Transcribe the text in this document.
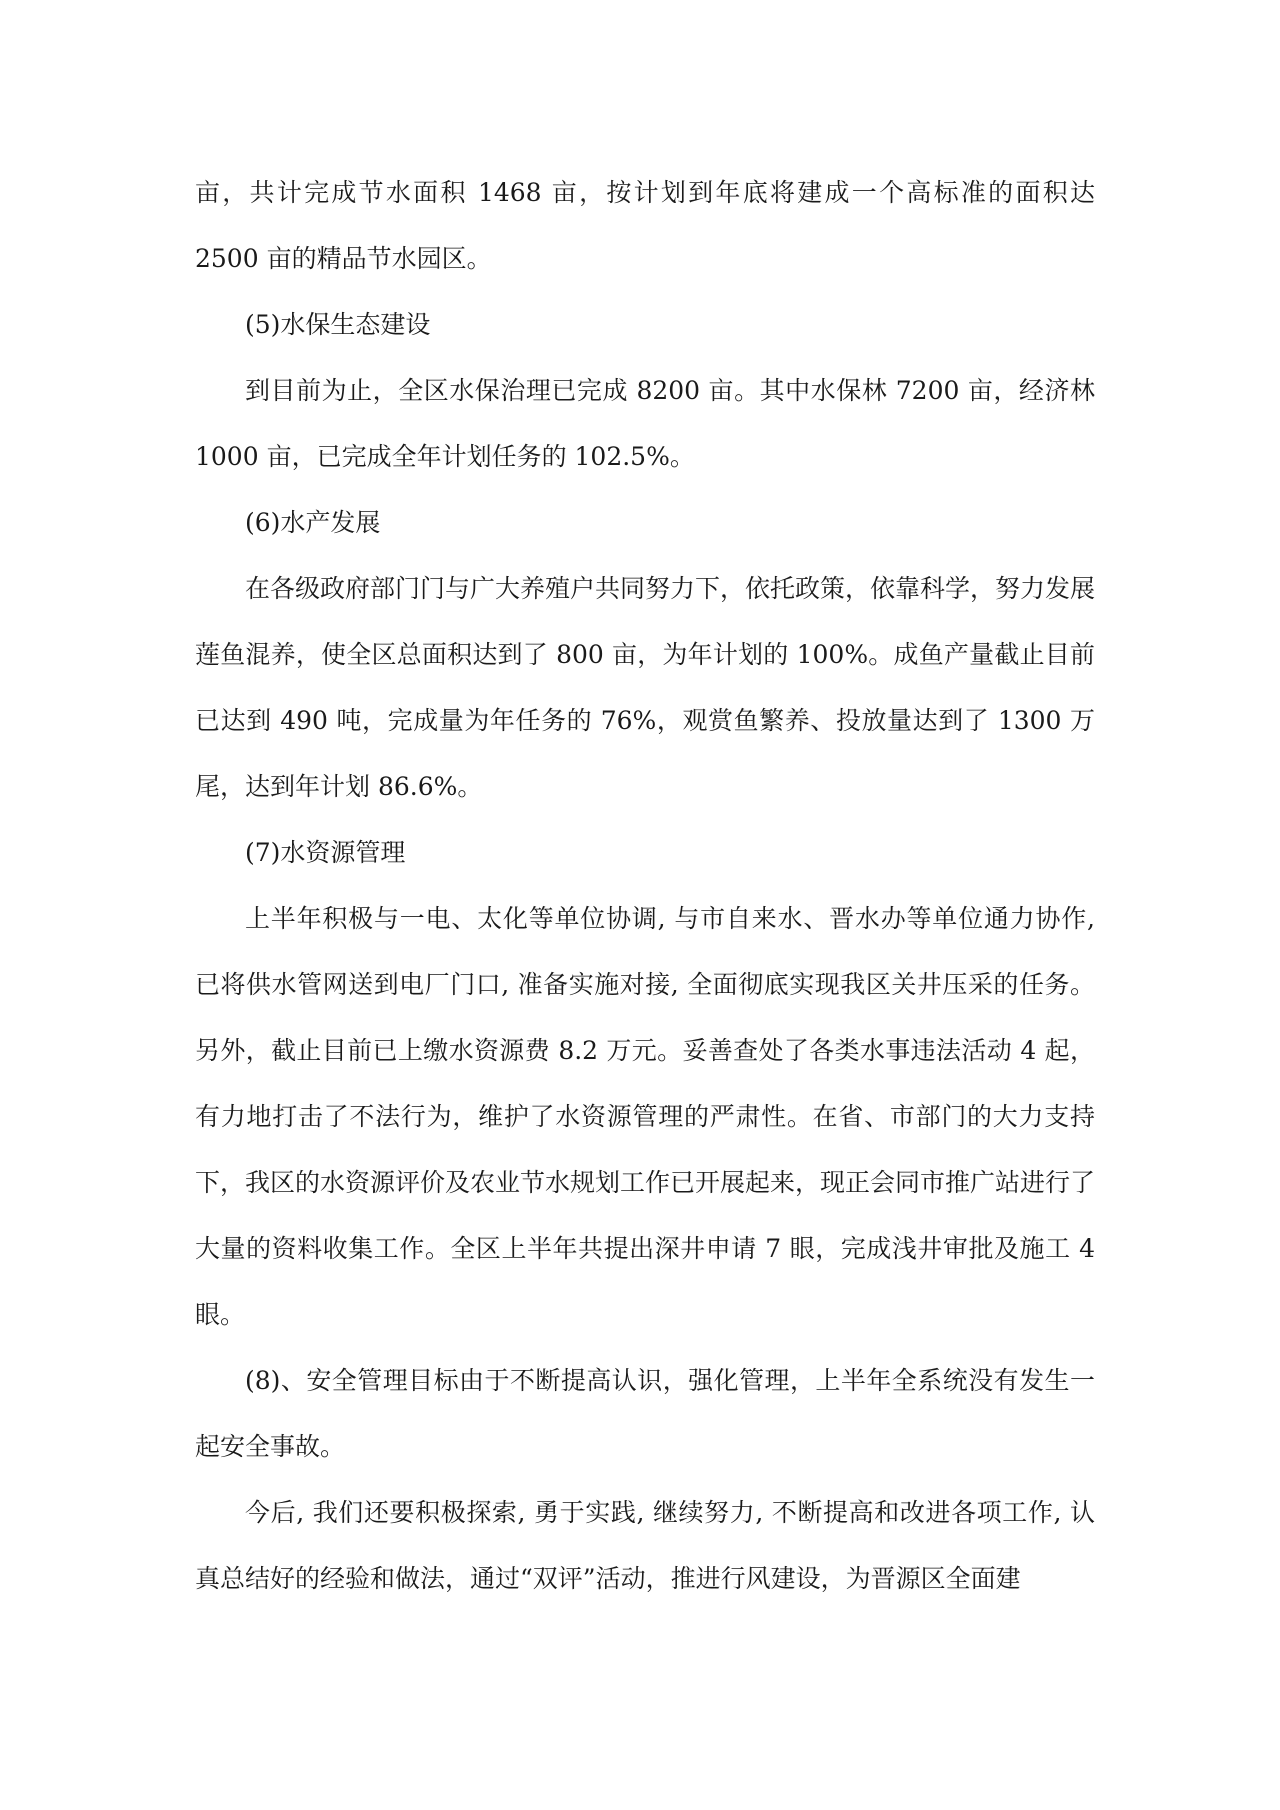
亩，共计完成节水面积 1468 亩，按计划到年底将建成一个高标准的面积达 2500 亩的精品节水园区。

(5)水保生态建设

到目前为止，全区水保治理已完成 8200 亩。其中水保林 7200 亩，经济林 1000 亩，已完成全年计划任务的 102.5%。

(6)水产发展

在各级政府部门门与广大养殖户共同努力下，依托政策，依靠科学，努力发展莲鱼混养，使全区总面积达到了 800 亩，为年计划的 100%。成鱼产量截止目前已达到 490 吨，完成量为年任务的 76%，观赏鱼繁养、投放量达到了 1300 万尾，达到年计划 86.6%。

(7)水资源管理

上半年积极与一电、太化等单位协调, 与市自来水、晋水办等单位通力协作, 已将供水管网送到电厂门口, 准备实施对接, 全面彻底实现我区关井压采的任务。另外，截止目前已上缴水资源费 8.2 万元。妥善查处了各类水事违法活动 4 起，有力地打击了不法行为，维护了水资源管理的严肃性。在省、市部门的大力支持下，我区的水资源评价及农业节水规划工作已开展起来，现正会同市推广站进行了大量的资料收集工作。全区上半年共提出深井申请 7 眼，完成浅井审批及施工 4 眼。

(8)、安全管理目标由于不断提高认识，强化管理，上半年全系统没有发生一起安全事故。

今后, 我们还要积极探索, 勇于实践, 继续努力, 不断提高和改进各项工作, 认真总结好的经验和做法，通过“双评”活动，推进行风建设，为晋源区全面建
